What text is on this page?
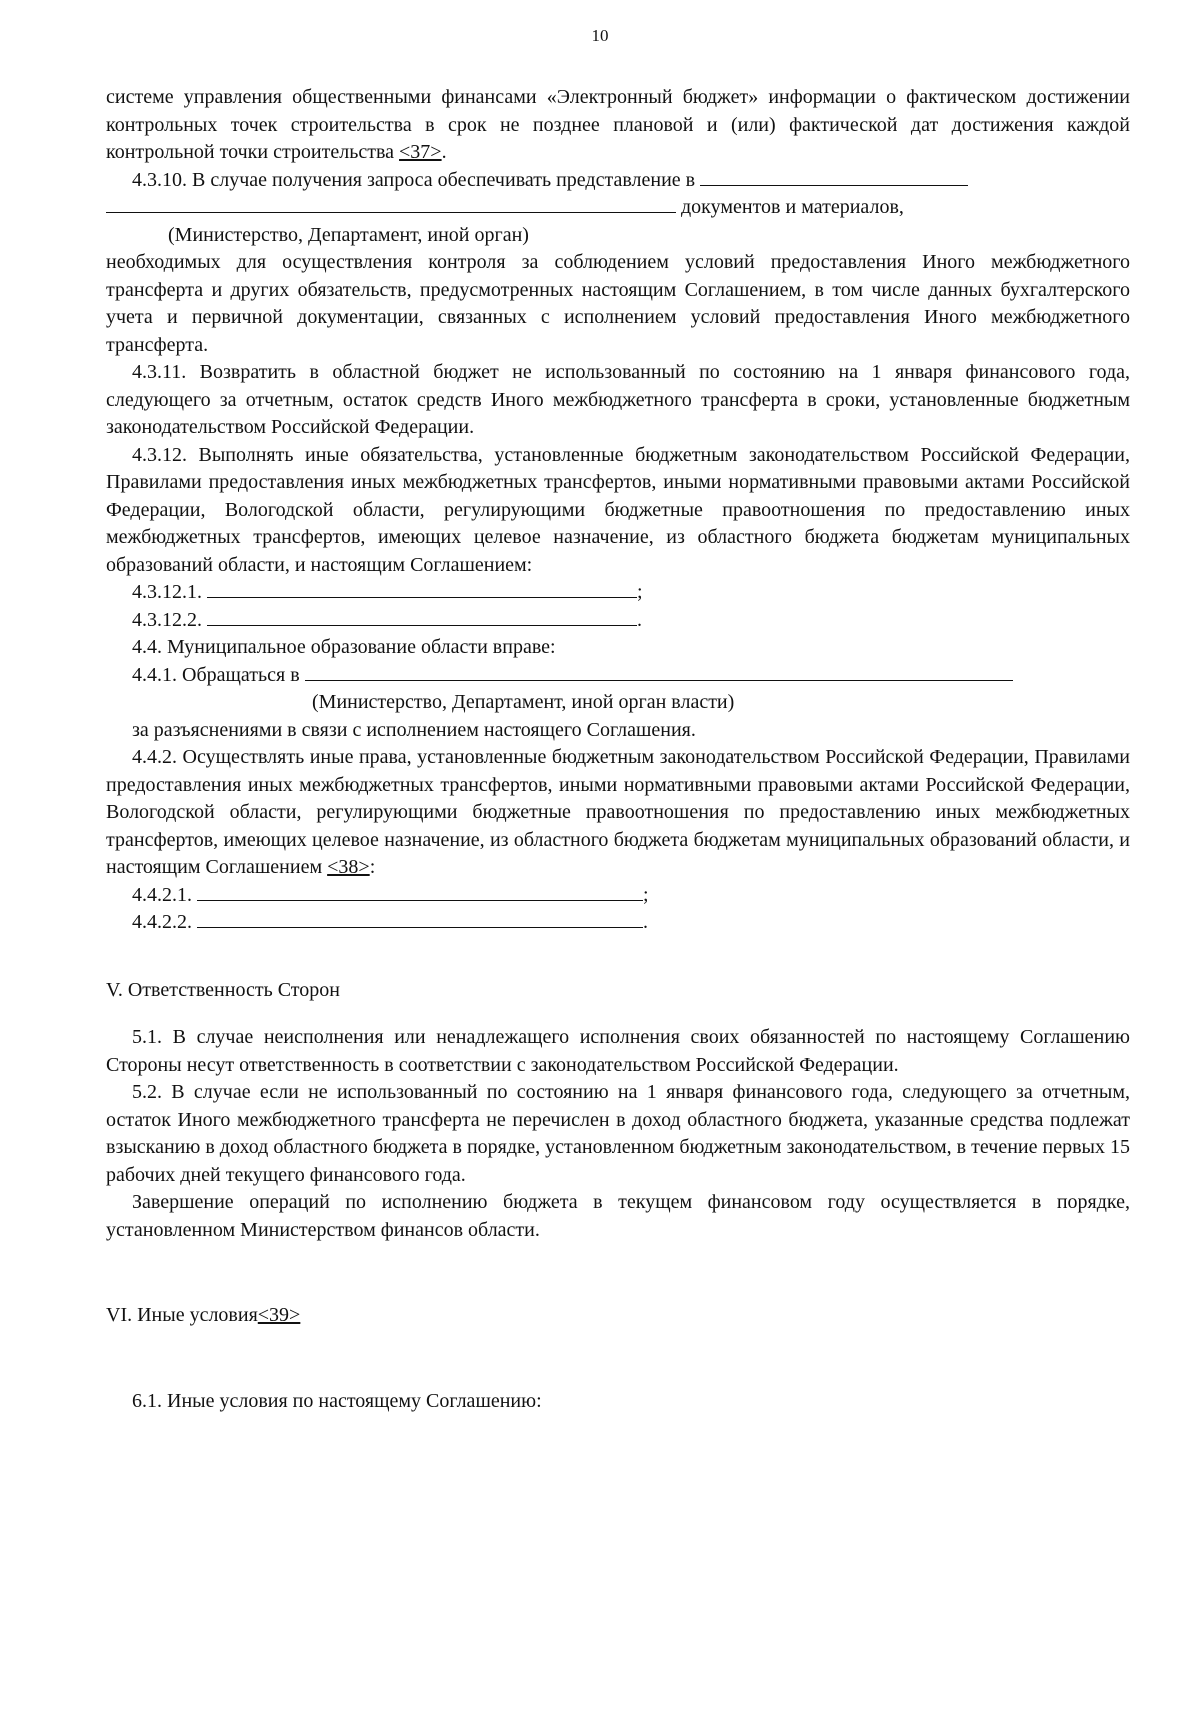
10

системе управления общественными финансами «Электронный бюджет» информации о фактическом достижении контрольных точек строительства в срок не позднее плановой и (или) фактической дат достижения каждой контрольной точки строительства <37>.

4.3.10. В случае получения запроса обеспечивать представление в

документов и материалов,

(Министерство, Департамент, иной орган)

необходимых для осуществления контроля за соблюдением условий предоставления Иного межбюджетного трансферта и других обязательств, предусмотренных настоящим Соглашением, в том числе данных бухгалтерского учета и первичной документации, связанных с исполнением условий предоставления Иного межбюджетного трансферта.

4.3.11. Возвратить в областной бюджет не использованный по состоянию на 1 января финансового года, следующего за отчетным, остаток средств Иного межбюджетного трансферта в сроки, установленные бюджетным законодательством Российской Федерации.

4.3.12. Выполнять иные обязательства, установленные бюджетным законодательством Российской Федерации, Правилами предоставления иных межбюджетных трансфертов, иными нормативными правовыми актами Российской Федерации, Вологодской области, регулирующими бюджетные правоотношения по предоставлению иных межбюджетных трансфертов, имеющих целевое назначение, из областного бюджета бюджетам муниципальных образований области, и настоящим Соглашением:

4.3.12.1.	;

4.3.12.2.	.

4.4. Муниципальное образование области вправе:

4.4.1. Обращаться в

(Министерство, Департамент, иной орган власти)

за разъяснениями в связи с исполнением настоящего Соглашения.

4.4.2. Осуществлять иные права, установленные бюджетным законодательством Российской Федерации, Правилами предоставления иных межбюджетных трансфертов, иными нормативными правовыми актами Российской Федерации, Вологодской области, регулирующими бюджетные правоотношения по предоставлению иных межбюджетных трансфертов, имеющих целевое назначение, из областного бюджета бюджетам муниципальных образований области, и настоящим Соглашением <38>:

4.4.2.1.	;

4.4.2.2.	.

V. Ответственность Сторон

5.1. В случае неисполнения или ненадлежащего исполнения своих обязанностей по настоящему Соглашению Стороны несут ответственность в соответствии с законодательством Российской Федерации.

5.2. В случае если не использованный по состоянию на 1 января финансового года, следующего за отчетным, остаток Иного межбюджетного трансферта не перечислен в доход областного бюджета, указанные средства подлежат взысканию в доход областного бюджета в порядке, установленном бюджетным законодательством, в течение первых 15 рабочих дней текущего финансового года.

Завершение операций по исполнению бюджета в текущем финансовом году осуществляется в порядке, установленном Министерством финансов области.

VI. Иные условия<39>

6.1. Иные условия по настоящему Соглашению:
